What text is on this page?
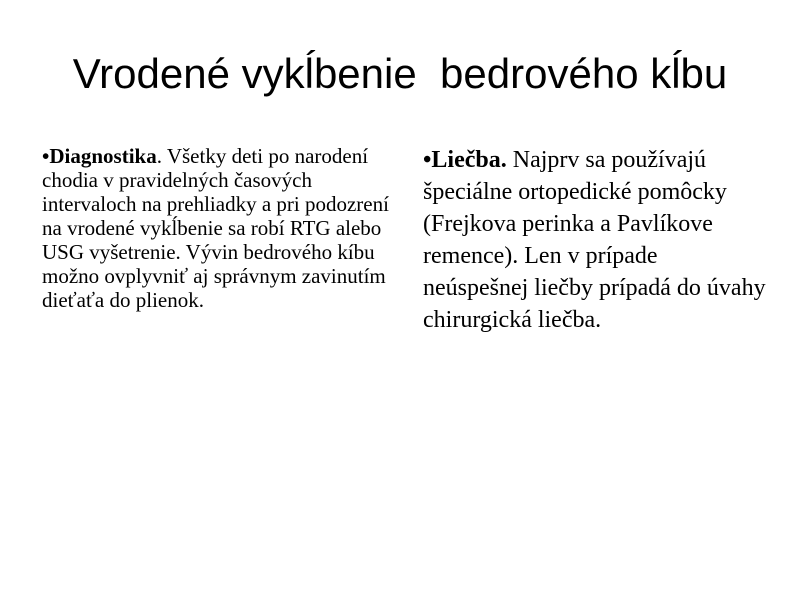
Vrodené vykĺbenie  bedrového kĺbu

•Diagnostika. Všetky deti po narodení chodia v pravidelných časových intervaloch na prehliadky a pri podozrení na vrodené vykĺbenie sa robí RTG alebo USG vyšetrenie. Vývin bedrového kíbu možno ovplyvniť aj správnym zavinutím dieťaťa do plienok.

•Liečba. Najprv sa používajú špeciálne ortopedické pomôcky (Frejkova perinka a Pavlíkove remence). Len v prípade neúspešnej liečby prípadá do úvahy chirurgická liečba.
